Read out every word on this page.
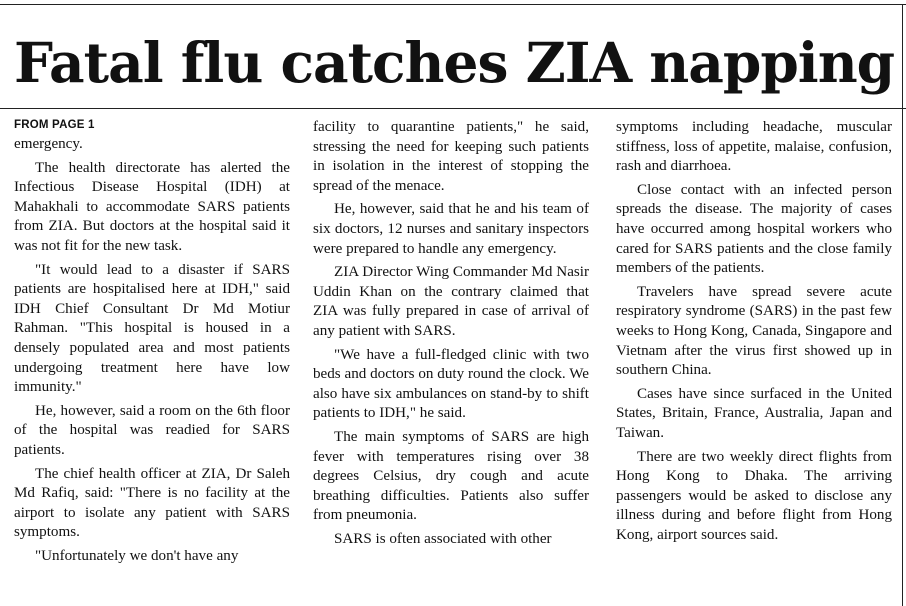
Fatal flu catches ZIA napping
FROM PAGE 1

emergency.

The health directorate has alerted the Infectious Disease Hospital (IDH) at Mahakhali to accommodate SARS patients from ZIA. But doctors at the hospital said it was not fit for the new task.

"It would lead to a disaster if SARS patients are hospitalised here at IDH," said IDH Chief Consultant Dr Md Motiur Rahman. "This hospital is housed in a densely populated area and most patients undergoing treatment here have low immunity."

He, however, said a room on the 6th floor of the hospital was readied for SARS patients.

The chief health officer at ZIA, Dr Saleh Md Rafiq, said: "There is no facility at the airport to isolate any patient with SARS symptoms.

"Unfortunately we don't have any

facility to quarantine patients," he said, stressing the need for keeping such patients in isolation in the interest of stopping the spread of the menace.

He, however, said that he and his team of six doctors, 12 nurses and sanitary inspectors were prepared to handle any emergency.

ZIA Director Wing Commander Md Nasir Uddin Khan on the contrary claimed that ZIA was fully prepared in case of arrival of any patient with SARS.

"We have a full-fledged clinic with two beds and doctors on duty round the clock. We also have six ambulances on stand-by to shift patients to IDH," he said.

The main symptoms of SARS are high fever with temperatures rising over 38 degrees Celsius, dry cough and acute breathing difficulties. Patients also suffer from pneumonia.

SARS is often associated with other

symptoms including headache, muscular stiffness, loss of appetite, malaise, confusion, rash and diarrhoea.

Close contact with an infected person spreads the disease. The majority of cases have occurred among hospital workers who cared for SARS patients and the close family members of the patients.

Travelers have spread severe acute respiratory syndrome (SARS) in the past few weeks to Hong Kong, Canada, Singapore and Vietnam after the virus first showed up in southern China.

Cases have since surfaced in the United States, Britain, France, Australia, Japan and Taiwan.

There are two weekly direct flights from Hong Kong to Dhaka. The arriving passengers would be asked to disclose any illness during and before flight from Hong Kong, airport sources said.
